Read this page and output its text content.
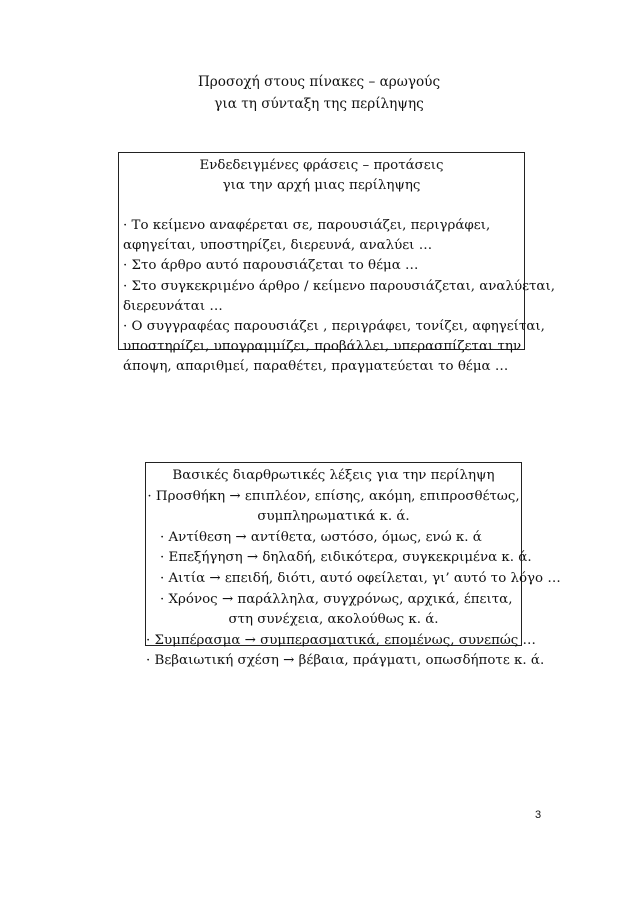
Προσοχή στους πίνακες – αρωγούς
για τη σύνταξη της περίληψης
Ενδεδειγμένες φράσεις – προτάσεις
για την αρχή μιας περίληψης
· Το κείμενο αναφέρεται σε, παρουσιάζει, περιγράφει,
αφηγείται, υποστηρίζει, διερευνά, αναλύει …
· Στο άρθρο αυτό παρουσιάζεται το θέμα …
· Στο συγκεκριμένο άρθρο / κείμενο παρουσιάζεται, αναλύεται,
διερευνάται …
· Ο συγγραφέας παρουσιάζει , περιγράφει, τονίζει, αφηγείται,
υποστηρίζει, υπογραμμίζει, προβάλλει, υπερασπίζεται την
άποψη, απαριθμεί, παραθέτει, πραγματεύεται το θέμα …
Βασικές διαρθρωτικές λέξεις για την περίληψη
· Προσθήκη → επιπλέον, επίσης, ακόμη, επιπροσθέτως,
συμπληρωματικά κ. ά.
· Αντίθεση → αντίθετα, ωστόσο, όμως, ενώ κ. ά
· Επεξήγηση → δηλαδή, ειδικότερα, συγκεκριμένα κ. ά.
· Αιτία → επειδή, διότι, αυτό οφείλεται, γι’ αυτό το λόγο …
· Χρόνος → παράλληλα, συγχρόνως, αρχικά, έπειτα,
στη συνέχεια, ακολούθως κ. ά.
· Συμπέρασμα → συμπερασματικά, επομένως, συνεπώς …
· Βεβαιωτική σχέση → βέβαια, πράγματι, οπωσδήποτε κ. ά.
3
